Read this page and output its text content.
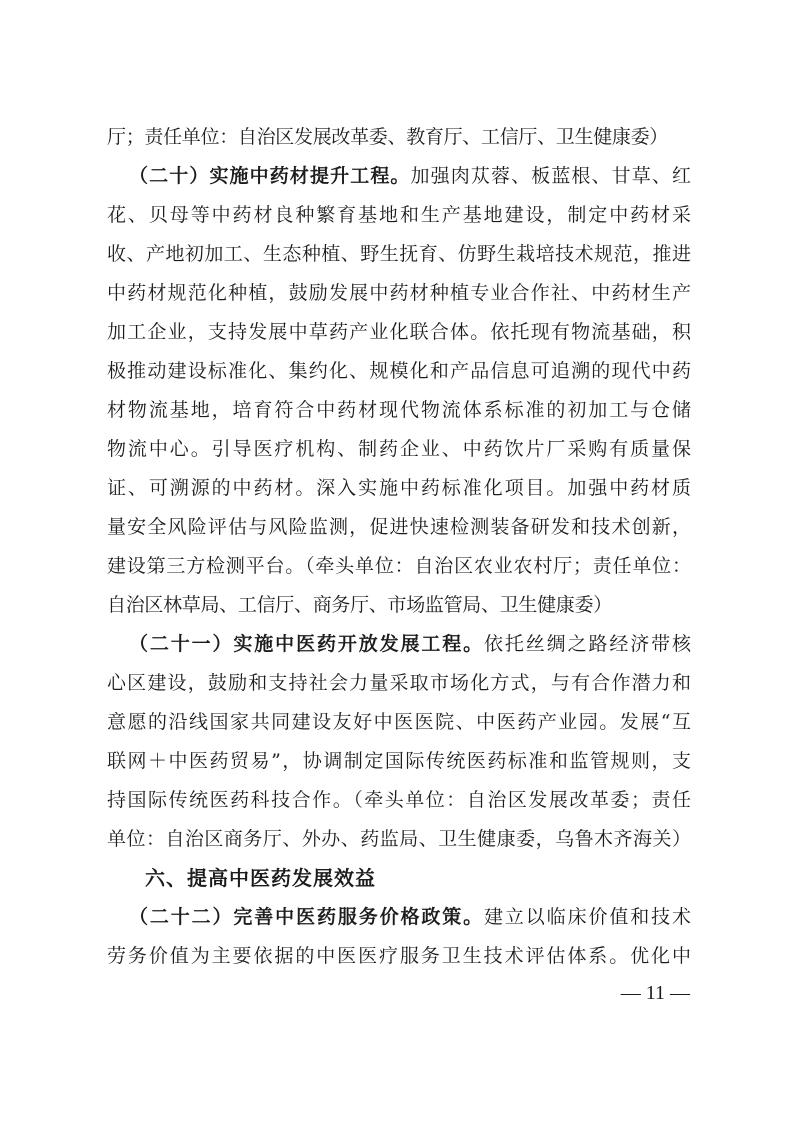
厅；责任单位：自治区发展改革委、教育厅、工信厅、卫生健康委）
（二十）实施中药材提升工程。加强肉苁蓉、板蓝根、甘草、红
花、贝母等中药材良种繁育基地和生产基地建设，制定中药材采
收、产地初加工、生态种植、野生抚育、仿野生栽培技术规范，推进
中药材规范化种植，鼓励发展中药材种植专业合作社、中药材生产
加工企业，支持发展中草药产业化联合体。依托现有物流基础，积
极推动建设标准化、集约化、规模化和产品信息可追溯的现代中药
材物流基地，培育符合中药材现代物流体系标准的初加工与仓储
物流中心。引导医疗机构、制药企业、中药饮片厂采购有质量保
证、可溯源的中药材。深入实施中药标准化项目。加强中药材质
量安全风险评估与风险监测，促进快速检测装备研发和技术创新，
建设第三方检测平台。（牵头单位：自治区农业农村厅；责任单位：
自治区林草局、工信厅、商务厅、市场监管局、卫生健康委）
（二十一）实施中医药开放发展工程。依托丝绸之路经济带核
心区建设，鼓励和支持社会力量采取市场化方式，与有合作潜力和
意愿的沿线国家共同建设友好中医医院、中医药产业园。发展“互
联网＋中医药贸易”，协调制定国际传统医药标准和监管规则，支
持国际传统医药科技合作。（牵头单位：自治区发展改革委；责任
单位：自治区商务厅、外办、药监局、卫生健康委，乌鲁木齐海关）
六、提高中医药发展效益
（二十二）完善中医药服务价格政策。建立以临床价值和技术
劳务价值为主要依据的中医医疗服务卫生技术评估体系。优化中
— 11 —
